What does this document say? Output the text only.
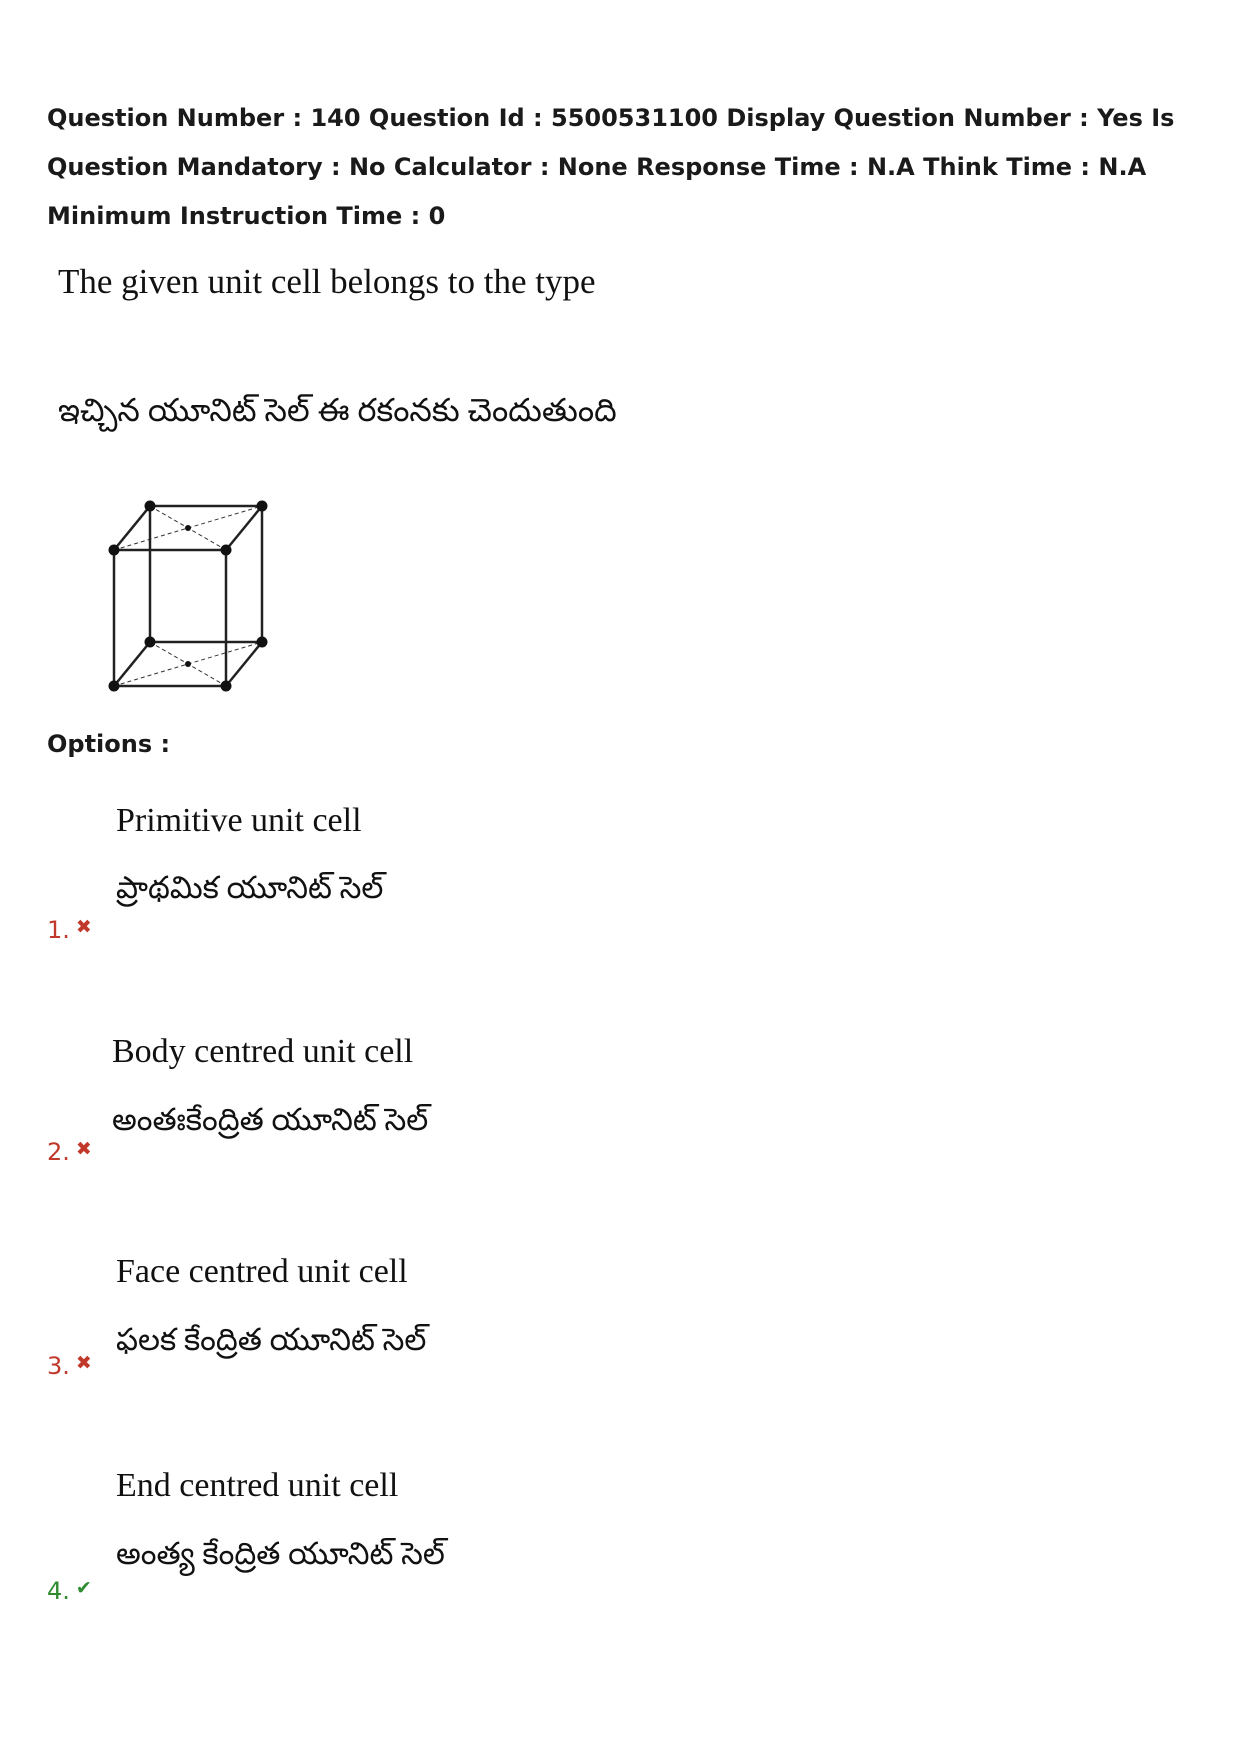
Question Number : 140 Question Id : 5500531100 Display Question Number : Yes Is Question Mandatory : No Calculator : None Response Time : N.A Think Time : N.A Minimum Instruction Time : 0
The given unit cell belongs to the type
ఇచ్చిన యూనిట్ సెల్ ఈ రకంనకు చెందుతుంది
Options :
Primitive unit cell
ప్రాథమిక యూనిట్ సెల్
1. ✖
Body centred unit cell
అంతఃకేంద్రిత యూనిట్ సెల్
2. ✖
Face centred unit cell
ఫలక కేంద్రిత యూనిట్ సెల్
3. ✖
End centred unit cell
అంత్య కేంద్రిత యూనిట్ సెల్
4. ✔
